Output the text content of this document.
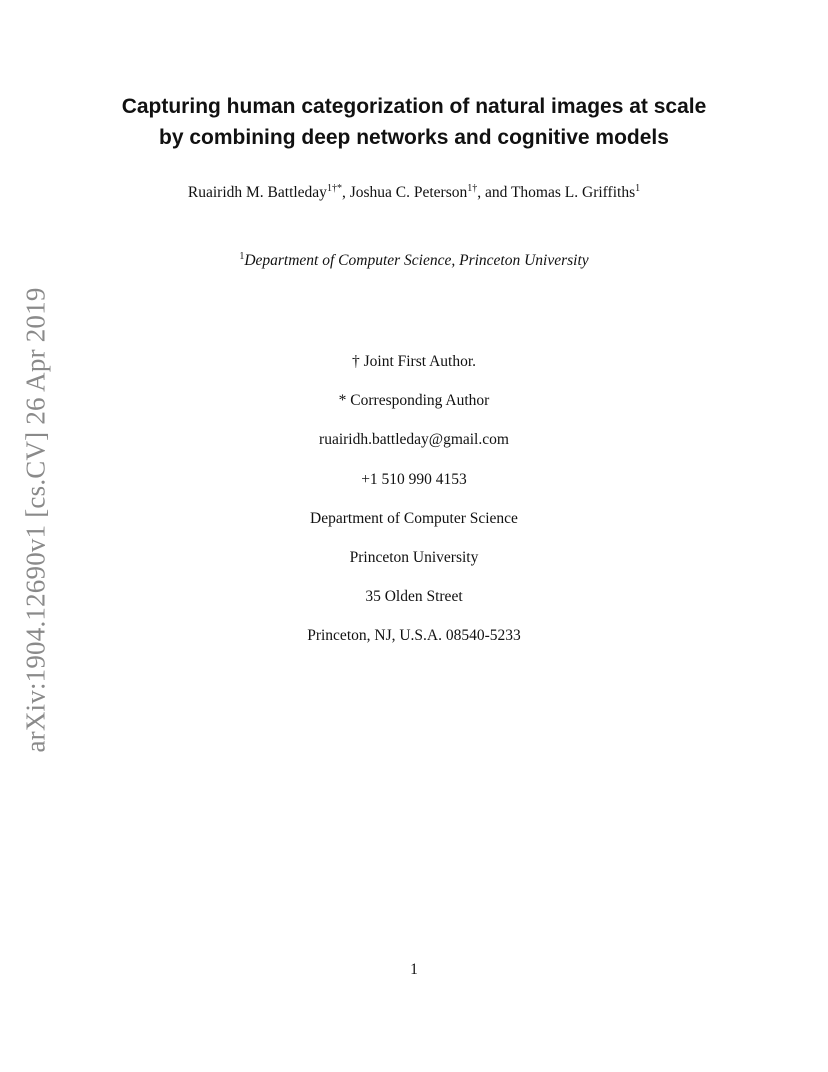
arXiv:1904.12690v1 [cs.CV] 26 Apr 2019
Capturing human categorization of natural images at scale
by combining deep networks and cognitive models
Ruairidh M. Battleday$^{1\dagger*}$, Joshua C. Peterson$^{1\dagger}$, and Thomas L. Griffiths$^1$
$^1$Department of Computer Science, Princeton University
† Joint First Author.
* Corresponding Author
ruairidh.battleday@gmail.com
+1 510 990 4153
Department of Computer Science
Princeton University
35 Olden Street
Princeton, NJ, U.S.A. 08540-5233
1
